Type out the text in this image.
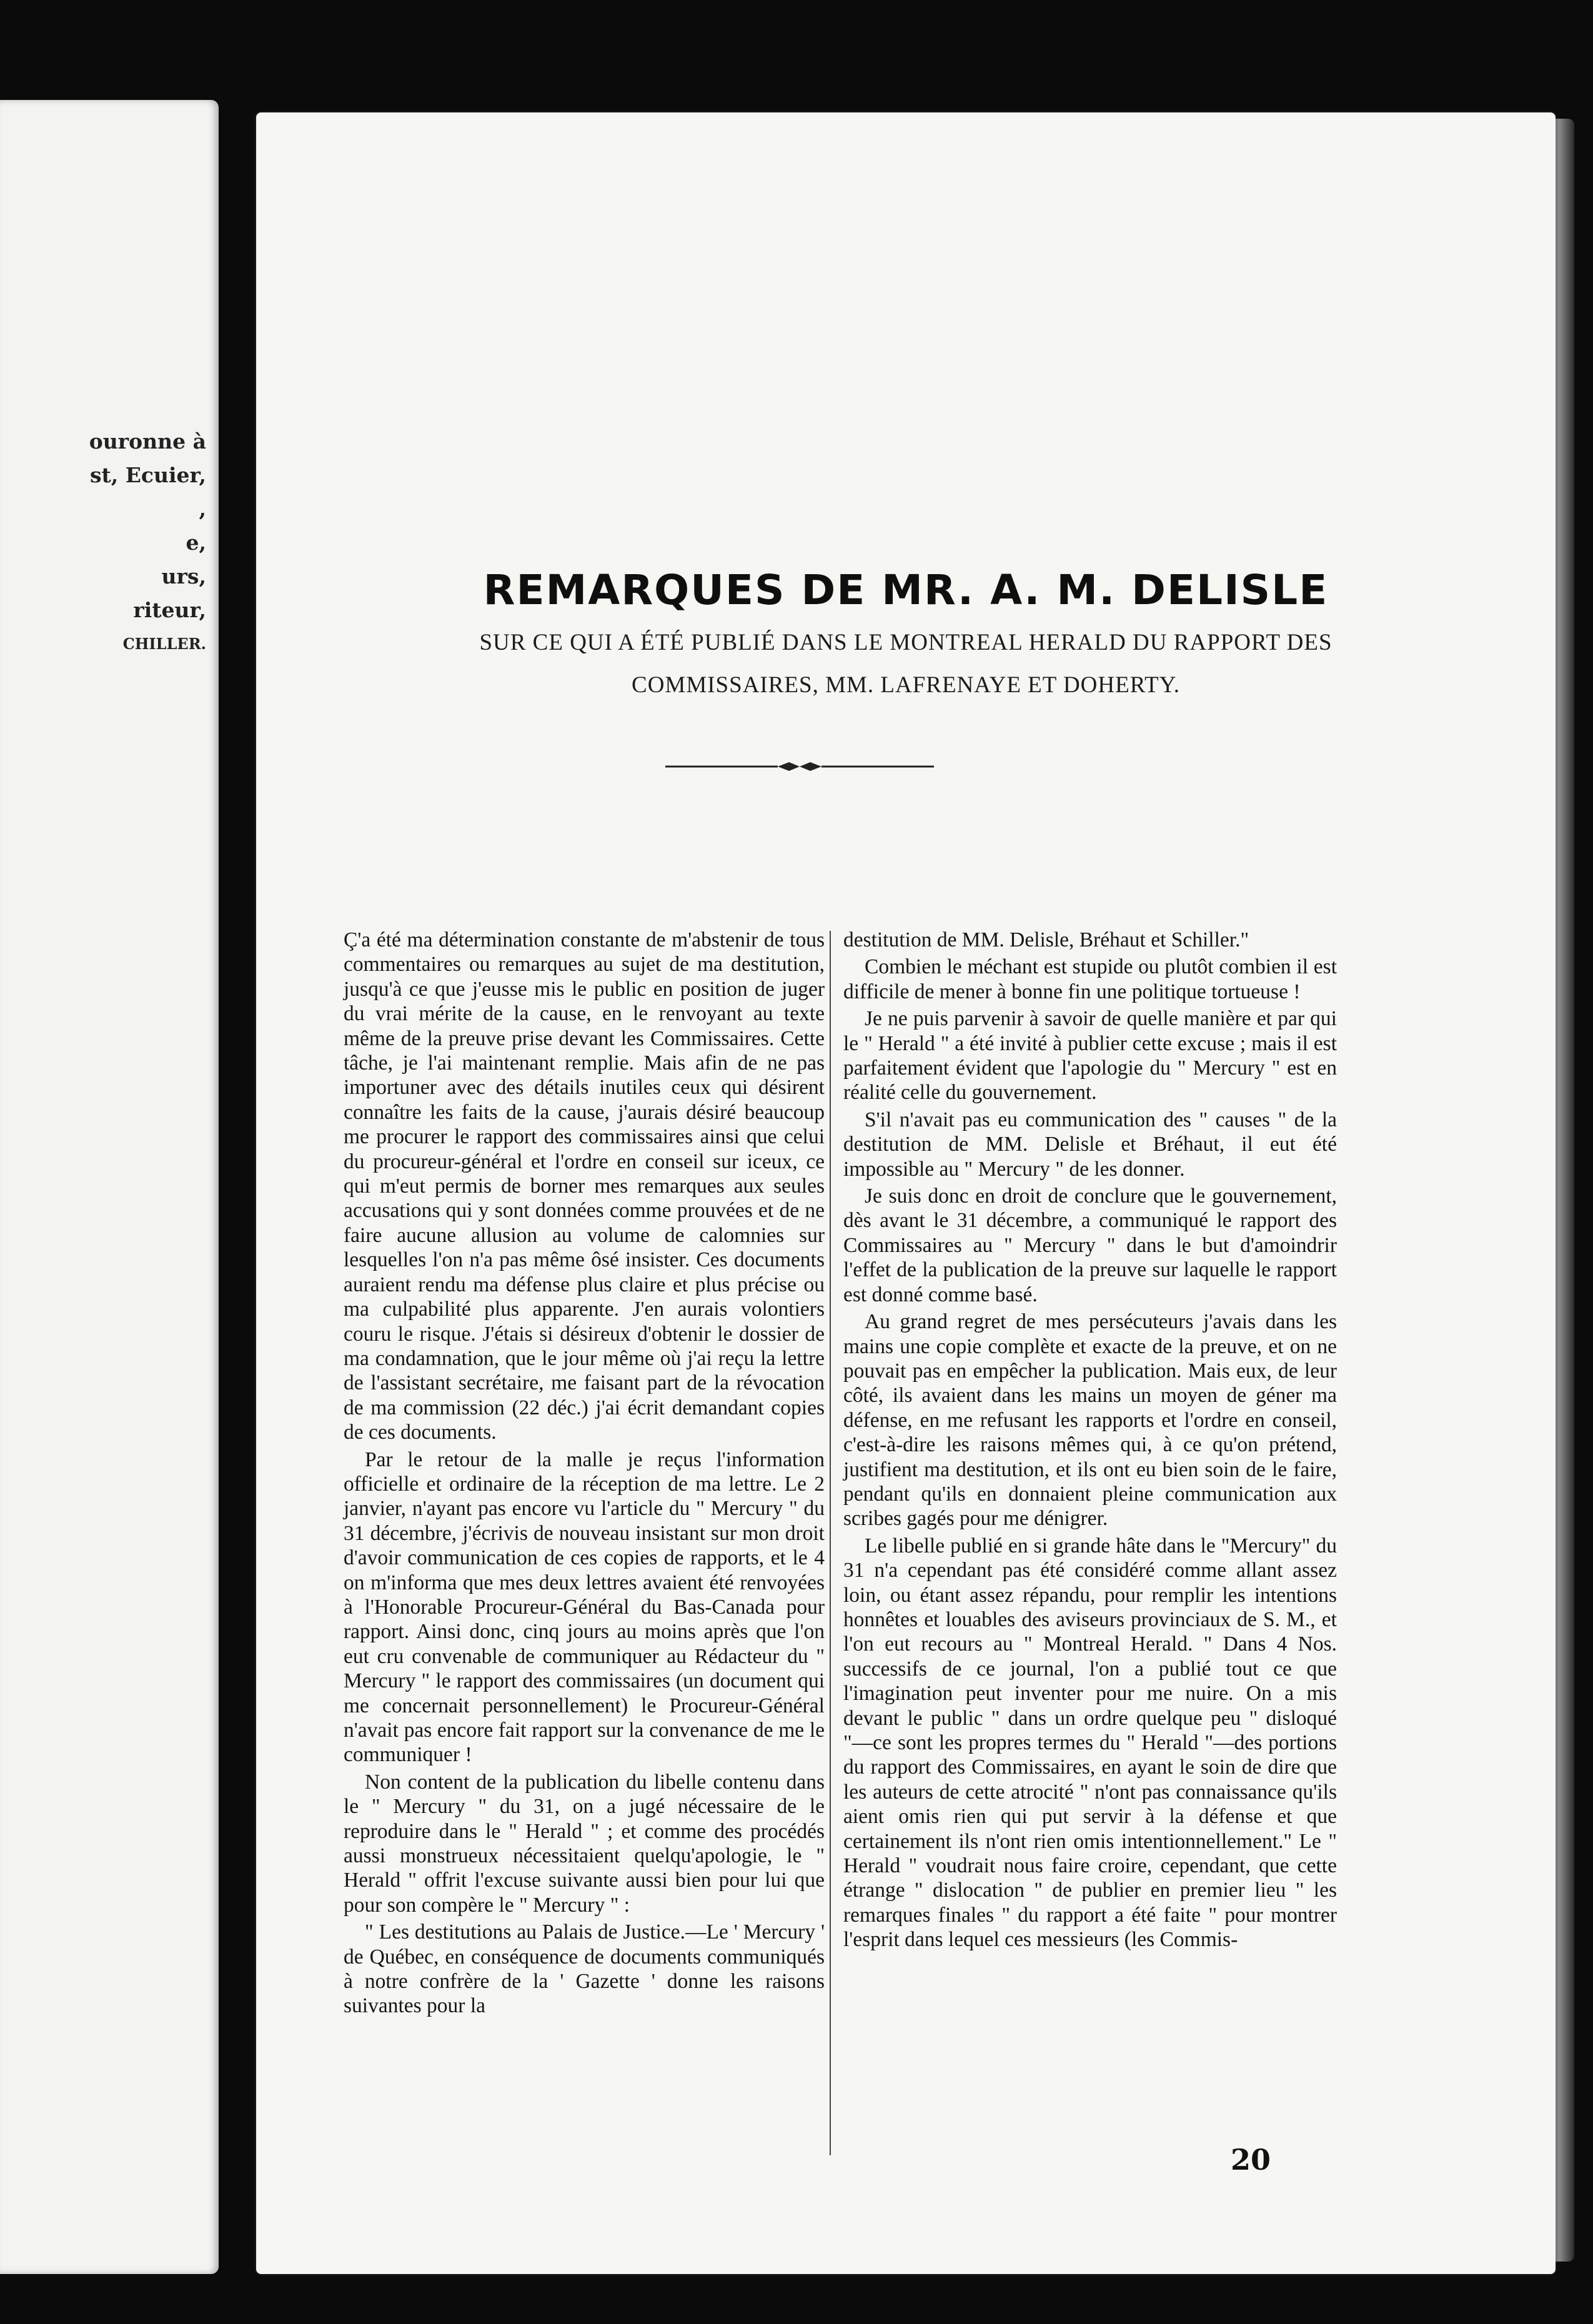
ouronne à
st, Ecuier,
,
e,
urs,
riteur,
CHILLER.
REMARQUES DE MR. A. M. DELISLE
SUR CE QUI A ÉTÉ PUBLIÉ DANS LE MONTREAL HERALD DU RAPPORT DES
COMMISSAIRES, MM. LAFRENAYE ET DOHERTY.

Ç'a été ma détermination constante de m'abstenir de tous commentaires ou remarques au sujet de ma destitution, jusqu'à ce que j'eusse mis le public en position de juger du vrai mérite de la cause, en le renvoyant au texte même de la preuve prise devant les Commissaires. Cette tâche, je l'ai maintenant remplie. Mais afin de ne pas importuner avec des détails inutiles ceux qui désirent connaître les faits de la cause, j'aurais désiré beaucoup me procurer le rapport des commissaires ainsi que celui du procureur-général et l'ordre en conseil sur iceux, ce qui m'eut permis de borner mes remarques aux seules accusations qui y sont données comme prouvées et de ne faire aucune allusion au volume de calomnies sur lesquelles l'on n'a pas même ôsé insister. Ces documents auraient rendu ma défense plus claire et plus précise ou ma culpabilité plus apparente. J'en aurais volontiers couru le risque. J'étais si désireux d'obtenir le dossier de ma condamnation, que le jour même où j'ai reçu la lettre de l'assistant secrétaire, me faisant part de la révocation de ma commission (22 déc.) j'ai écrit demandant copies de ces documents.

Par le retour de la malle je reçus l'information officielle et ordinaire de la réception de ma lettre. Le 2 janvier, n'ayant pas encore vu l'article du " Mercury " du 31 décembre, j'écrivis de nouveau insistant sur mon droit d'avoir communication de ces copies de rapports, et le 4 on m'informa que mes deux lettres avaient été renvoyées à l'Honorable Procureur-Général du Bas-Canada pour rapport. Ainsi donc, cinq jours au moins après que l'on eut cru convenable de communiquer au Rédacteur du " Mercury " le rapport des commissaires (un document qui me concernait personnellement) le Procureur-Général n'avait pas encore fait rapport sur la convenance de me le communiquer !

Non content de la publication du libelle contenu dans le " Mercury " du 31, on a jugé nécessaire de le reproduire dans le " Herald " ; et comme des procédés aussi monstrueux nécessitaient quelqu'apologie, le " Herald " offrit l'excuse suivante aussi bien pour lui que pour son compère le " Mercury " :

" Les destitutions au Palais de Justice.—Le ' Mercury ' de Québec, en conséquence de documents communiqués à notre confrère de la ' Gazette ' donne les raisons suivantes pour la

destitution de MM. Delisle, Bréhaut et Schiller."

Combien le méchant est stupide ou plutôt combien il est difficile de mener à bonne fin une politique tortueuse !

Je ne puis parvenir à savoir de quelle manière et par qui le " Herald " a été invité à publier cette excuse ; mais il est parfaitement évident que l'apologie du " Mercury " est en réalité celle du gouvernement.

S'il n'avait pas eu communication des " causes " de la destitution de MM. Delisle et Bréhaut, il eut été impossible au " Mercury " de les donner.

Je suis donc en droit de conclure que le gouvernement, dès avant le 31 décembre, a communiqué le rapport des Commissaires au " Mercury " dans le but d'amoindrir l'effet de la publication de la preuve sur laquelle le rapport est donné comme basé.

Au grand regret de mes persécuteurs j'avais dans les mains une copie complète et exacte de la preuve, et on ne pouvait pas en empêcher la publication. Mais eux, de leur côté, ils avaient dans les mains un moyen de géner ma défense, en me refusant les rapports et l'ordre en conseil, c'est-à-dire les raisons mêmes qui, à ce qu'on prétend, justifient ma destitution, et ils ont eu bien soin de le faire, pendant qu'ils en donnaient pleine communication aux scribes gagés pour me dénigrer.

Le libelle publié en si grande hâte dans le "Mercury" du 31 n'a cependant pas été considéré comme allant assez loin, ou étant assez répandu, pour remplir les intentions honnêtes et louables des aviseurs provinciaux de S. M., et l'on eut recours au " Montreal Herald. " Dans 4 Nos. successifs de ce journal, l'on a publié tout ce que l'imagination peut inventer pour me nuire. On a mis devant le public " dans un ordre quelque peu " disloqué "—ce sont les propres termes du " Herald "—des portions du rapport des Commissaires, en ayant le soin de dire que les auteurs de cette atrocité " n'ont pas connaissance qu'ils aient omis rien qui put servir à la défense et que certainement ils n'ont rien omis intentionnellement." Le " Herald " voudrait nous faire croire, cependant, que cette étrange " dislocation " de publier en premier lieu " les remarques finales " du rapport a été faite " pour montrer l'esprit dans lequel ces messieurs (les Commis-

20
